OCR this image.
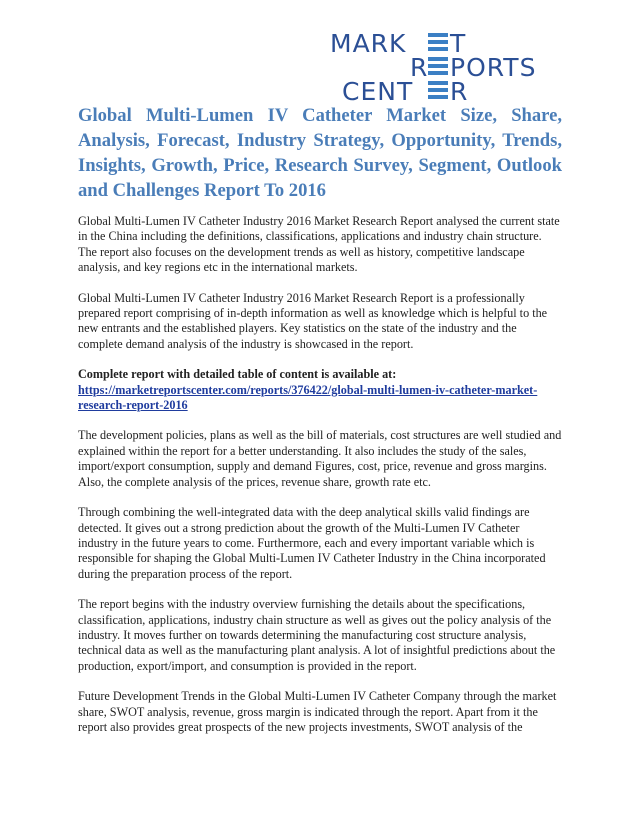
MARK T
R PORTS
CENT R
Global Multi-Lumen IV Catheter Market Size, Share, Analysis, Forecast, Industry Strategy, Opportunity, Trends, Insights, Growth, Price, Research Survey, Segment, Outlook and Challenges Report To 2016

Global Multi-Lumen IV Catheter Industry 2016 Market Research Report analysed the current state in the China including the definitions, classifications, applications and industry chain structure. The report also focuses on the development trends as well as history, competitive landscape analysis, and key regions etc in the international markets.

Global Multi-Lumen IV Catheter Industry 2016 Market Research Report is a professionally prepared report comprising of in-depth information as well as knowledge which is helpful to the new entrants and the established players. Key statistics on the state of the industry and the complete demand analysis of the industry is showcased in the report.

Complete report with detailed table of content is available at:
https://marketreportscenter.com/reports/376422/global-multi-lumen-iv-catheter-market-research-report-2016

The development policies, plans as well as the bill of materials, cost structures are well studied and explained within the report for a better understanding. It also includes the study of the sales, import/export consumption, supply and demand Figures, cost, price, revenue and gross margins. Also, the complete analysis of the prices, revenue share, growth rate etc.

Through combining the well-integrated data with the deep analytical skills valid findings are detected. It gives out a strong prediction about the growth of the Multi-Lumen IV Catheter industry in the future years to come. Furthermore, each and every important variable which is responsible for shaping the Global Multi-Lumen IV Catheter Industry in the China incorporated during the preparation process of the report.

The report begins with the industry overview furnishing the details about the specifications, classification, applications, industry chain structure as well as gives out the policy analysis of the industry. It moves further on towards determining the manufacturing cost structure analysis, technical data as well as the manufacturing plant analysis. A lot of insightful predictions about the production, export/import, and consumption is provided in the report.

Future Development Trends in the Global Multi-Lumen IV Catheter Company through the market share, SWOT analysis, revenue, gross margin is indicated through the report. Apart from it the report also provides great prospects of the new projects investments, SWOT analysis of the
